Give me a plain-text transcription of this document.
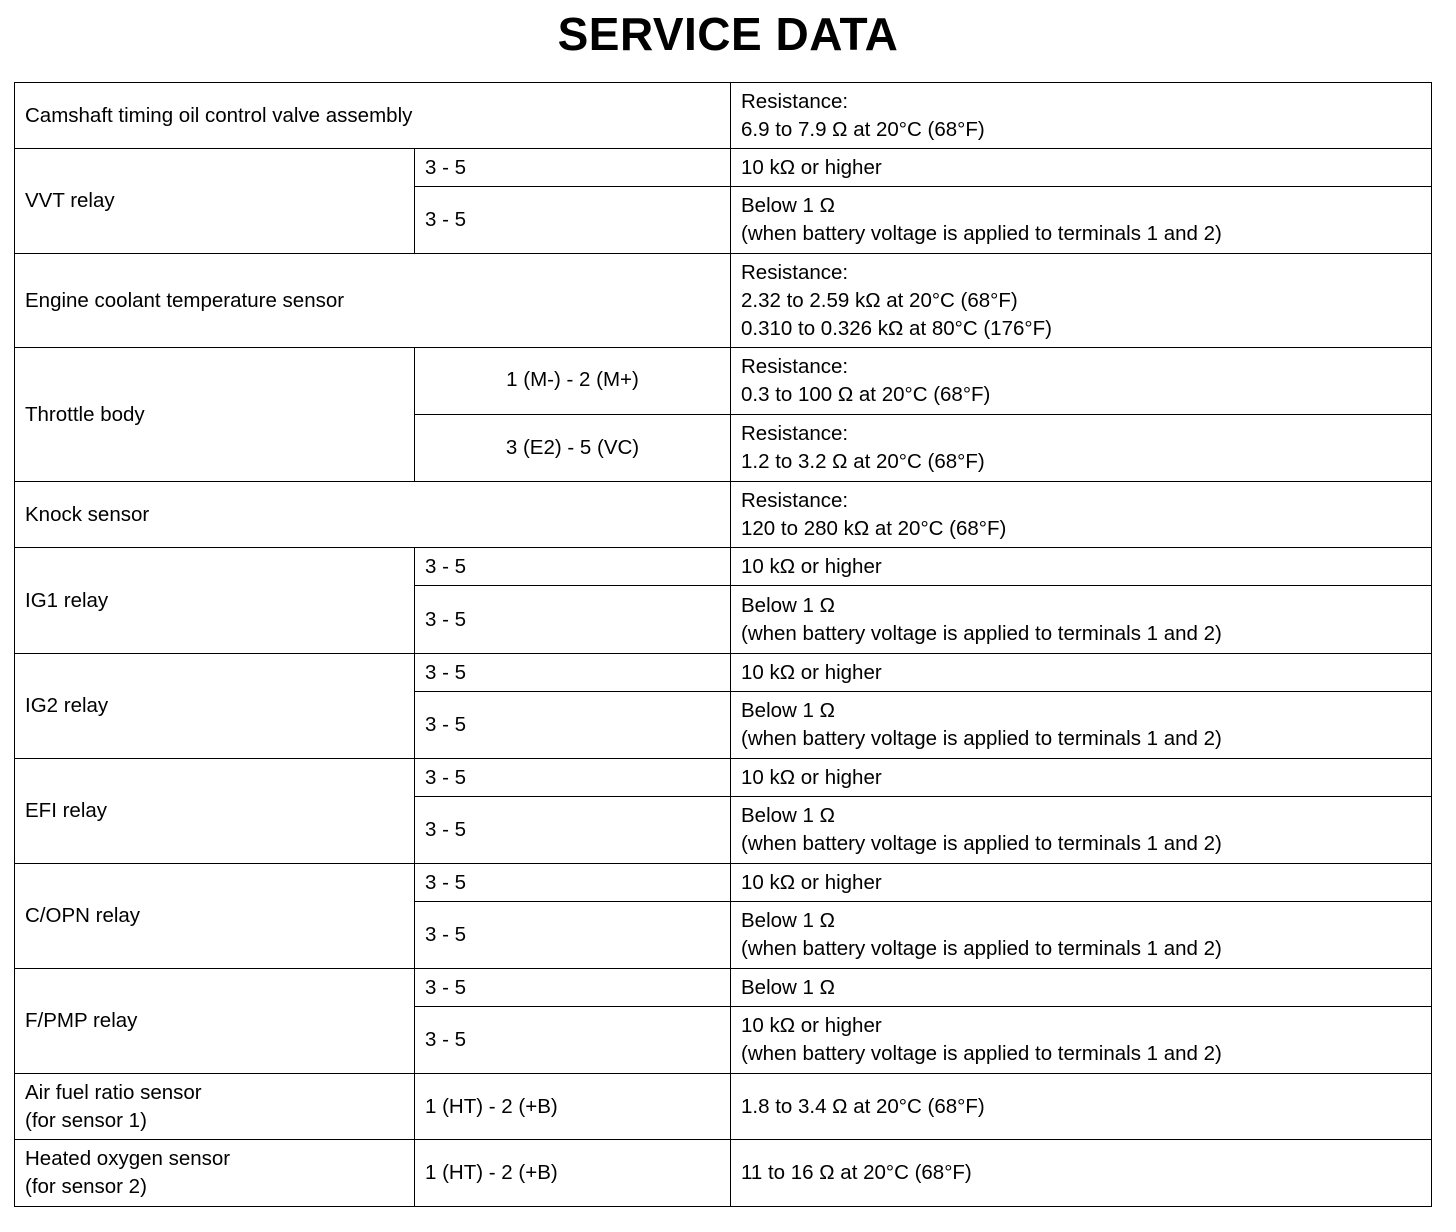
SERVICE DATA
Camshaft timing oil control valve assembly		Resistance:
6.9 to 7.9 Ω at 20°C (68°F)

VVT relay	3 - 5	10 kΩ or higher
	3 - 5	Below 1 Ω
(when battery voltage is applied to terminals 1 and 2)

Engine coolant temperature sensor		Resistance:
2.32 to 2.59 kΩ at 20°C (68°F)
0.310 to 0.326 kΩ at 80°C (176°F)

Throttle body	1 (M-) - 2 (M+)	Resistance:
0.3 to 100 Ω at 20°C (68°F)

	3 (E2) - 5 (VC)	Resistance:
1.2 to 3.2 Ω at 20°C (68°F)

Knock sensor		Resistance:
120 to 280 kΩ at 20°C (68°F)

IG1 relay	3 - 5	10 kΩ or higher
	3 - 5	Below 1 Ω
(when battery voltage is applied to terminals 1 and 2)

IG2 relay	3 - 5	10 kΩ or higher
	3 - 5	Below 1 Ω
(when battery voltage is applied to terminals 1 and 2)

EFI relay	3 - 5	10 kΩ or higher
	3 - 5	Below 1 Ω
(when battery voltage is applied to terminals 1 and 2)

C/OPN relay	3 - 5	10 kΩ or higher
	3 - 5	Below 1 Ω
(when battery voltage is applied to terminals 1 and 2)

F/PMP relay	3 - 5	Below 1 Ω
	3 - 5	10 kΩ or higher
(when battery voltage is applied to terminals 1 and 2)

Air fuel ratio sensor
(for sensor 1)	1 (HT) - 2 (+B)	1.8 to 3.4 Ω at 20°C (68°F)

Heated oxygen sensor
(for sensor 2)	1 (HT) - 2 (+B)	11 to 16 Ω at 20°C (68°F)
